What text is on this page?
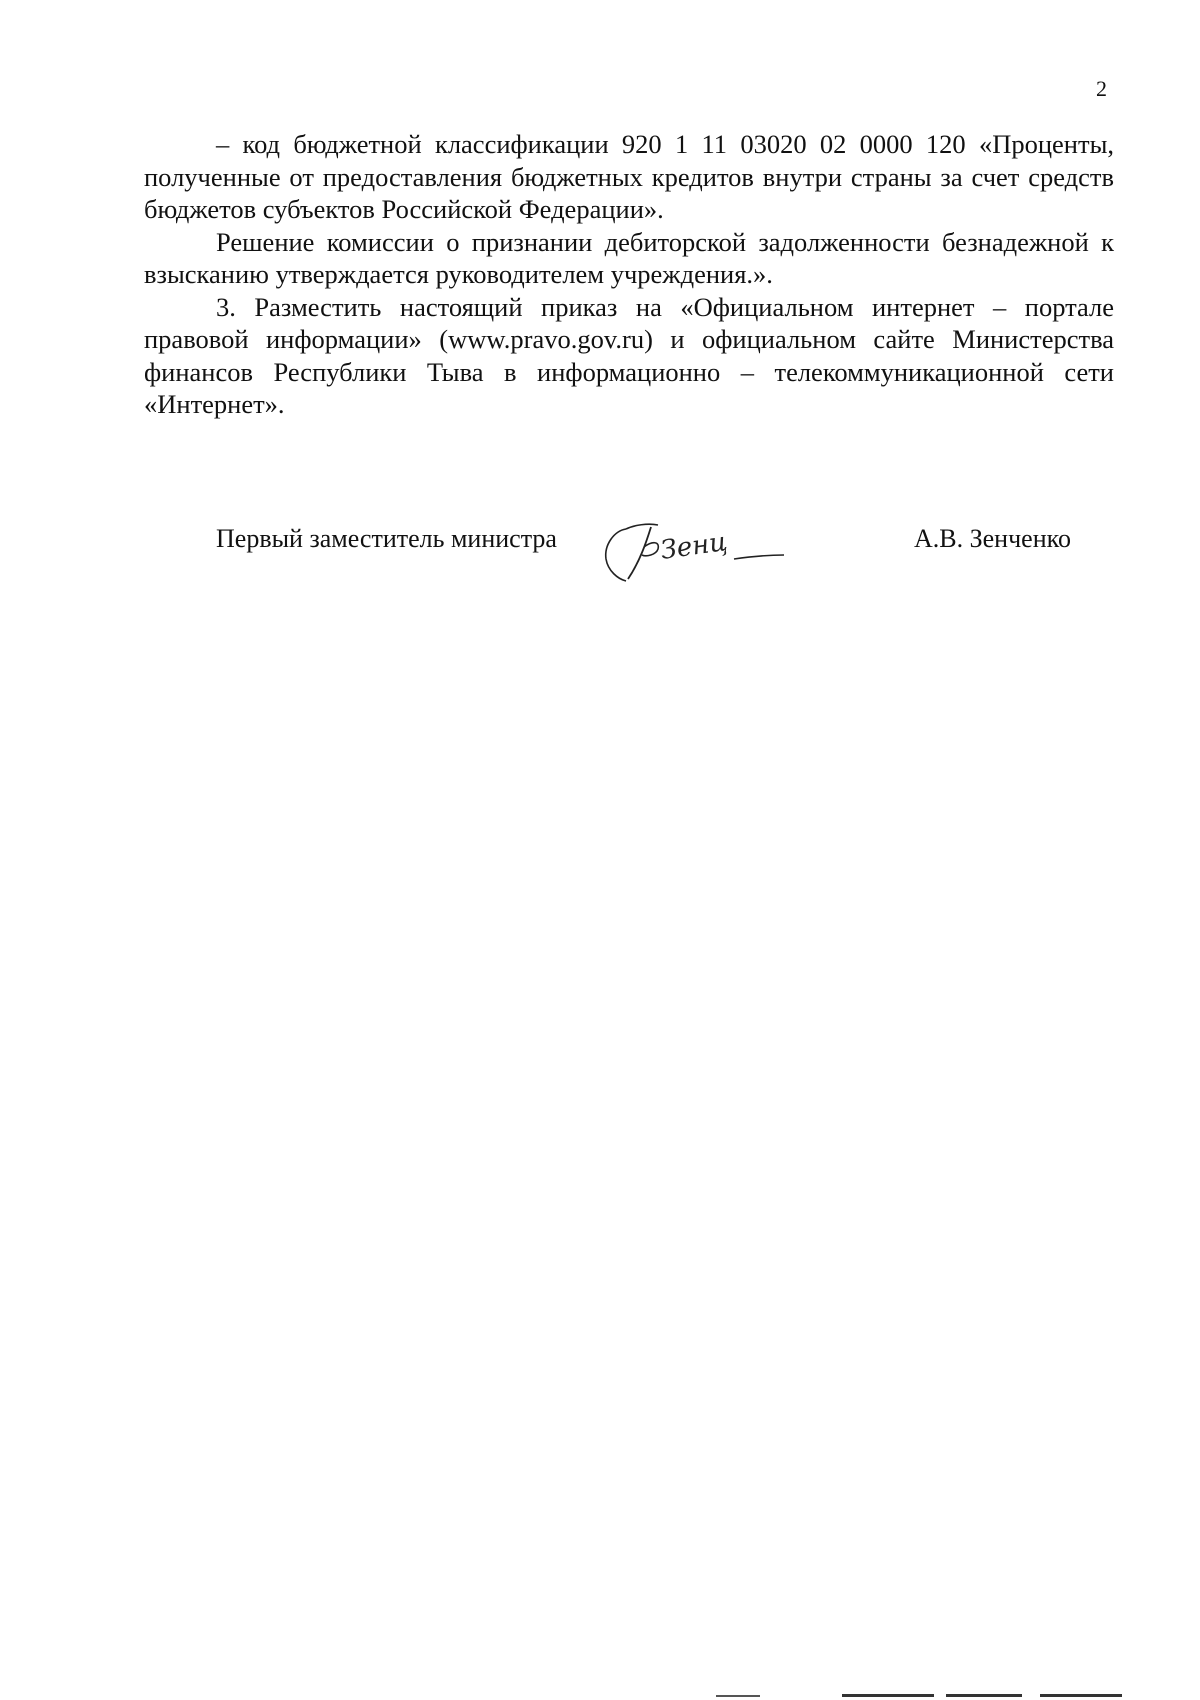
2

– код бюджетной классификации 920 1 11 03020 02 0000 120 «Проценты, полученные от предоставления бюджетных кредитов внутри страны за счет средств бюджетов субъектов Российской Федерации».

Решение комиссии о признании дебиторской задолженности безнадежной к взысканию утверждается руководителем учреждения.».

3. Разместить настоящий приказ на «Официальном интернет – портале правовой информации» (www.pravo.gov.ru) и официальном сайте Министерства финансов Республики Тыва в информационно – телекоммуникационной сети «Интернет».

Первый заместитель министра	Зенц	А.В. Зенченко
